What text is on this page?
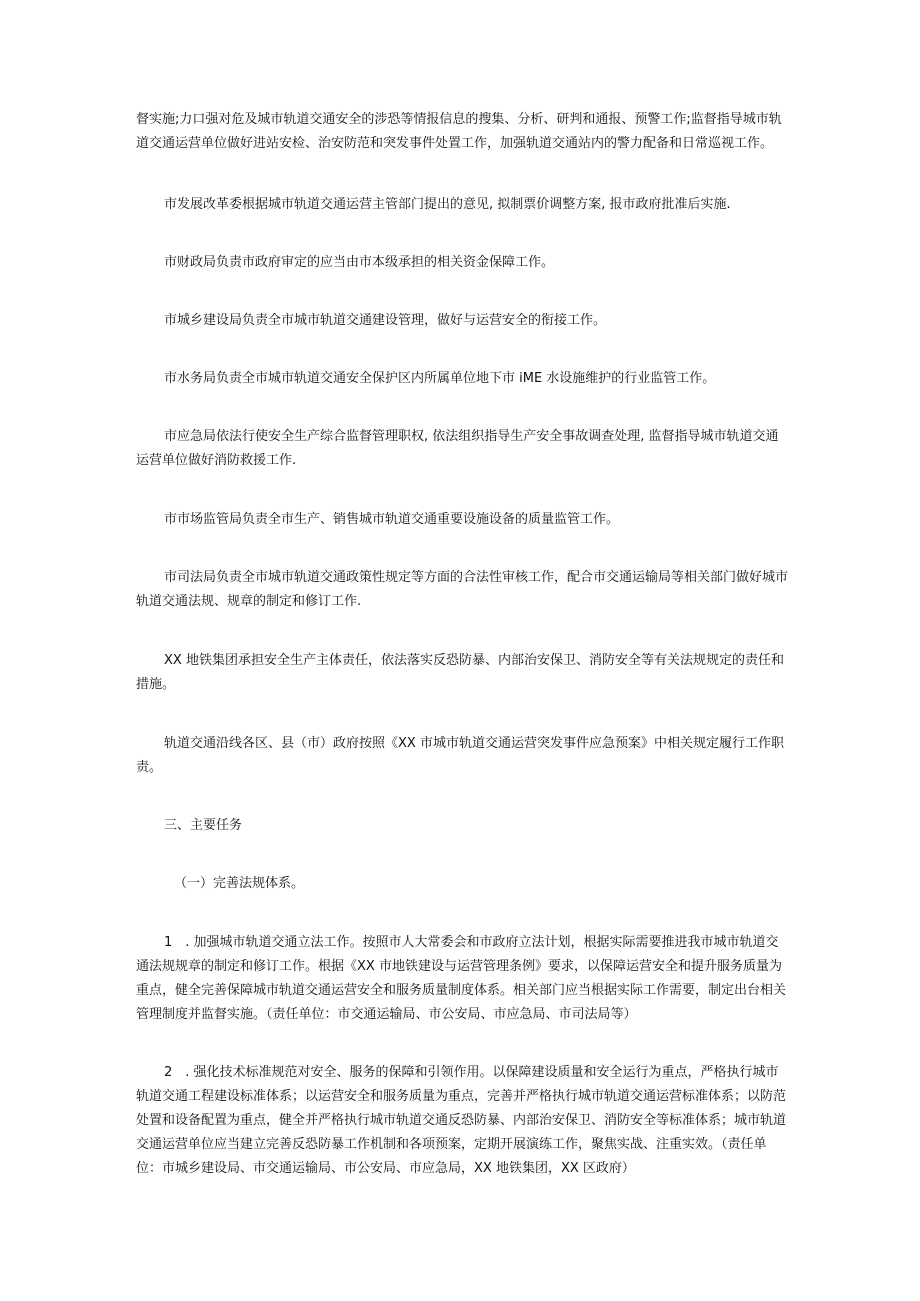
督实施;力口强对危及城市轨道交通安全的涉恐等情报信息的搜集、分析、研判和通报、预警工作;监督指导城市轨道交通运营单位做好进站安检、治安防范和突发事件处置工作，加强轨道交通站内的警力配备和日常巡视工作。

市发展改革委根据城市轨道交通运营主管部门提出的意见, 拟制票价调整方案, 报市政府批准后实施.

市财政局负责市政府审定的应当由市本级承担的相关资金保障工作。

市城乡建设局负责全市城市轨道交通建设管理，做好与运营安全的衔接工作。

市水务局负责全市城市轨道交通安全保护区内所属单位地下市 iME 水设施维护的行业监管工作。

市应急局依法行使安全生产综合监督管理职权, 依法组织指导生产安全事故调查处理, 监督指导城市轨道交通运营单位做好消防救援工作.

市市场监管局负责全市生产、销售城市轨道交通重要设施设备的质量监管工作。

市司法局负责全市城市轨道交通政策性规定等方面的合法性审核工作，配合市交通运输局等相关部门做好城市轨道交通法规、规章的制定和修订工作.

XX 地铁集团承担安全生产主体责任，依法落实反恐防暴、内部治安保卫、消防安全等有关法规规定的责任和措施。

轨道交通沿线各区、县（市）政府按照《XX 市城市轨道交通运营突发事件应急预案》中相关规定履行工作职责。

三、主要任务

（一）完善法规体系。

1　. 加强城市轨道交通立法工作。按照市人大常委会和市政府立法计划，根据实际需要推进我市城市轨道交通法规规章的制定和修订工作。根据《XX 市地铁建设与运营管理条例》要求，以保障运营安全和提升服务质量为重点，健全完善保障城市轨道交通运营安全和服务质量制度体系。相关部门应当根据实际工作需要，制定出台相关管理制度并监督实施。（责任单位：市交通运输局、市公安局、市应急局、市司法局等）

2　. 强化技术标准规范对安全、服务的保障和引领作用。以保障建设质量和安全运行为重点，严格执行城市轨道交通工程建设标准体系；以运营安全和服务质量为重点，完善并严格执行城市轨道交通运营标准体系；以防范处置和设备配置为重点，健全并严格执行城市轨道交通反恐防暴、内部治安保卫、消防安全等标准体系；城市轨道交通运营单位应当建立完善反恐防暴工作机制和各项预案，定期开展演练工作，聚焦实战、注重实效。（责任单位：市城乡建设局、市交通运输局、市公安局、市应急局，XX 地铁集团，XX 区政府）
